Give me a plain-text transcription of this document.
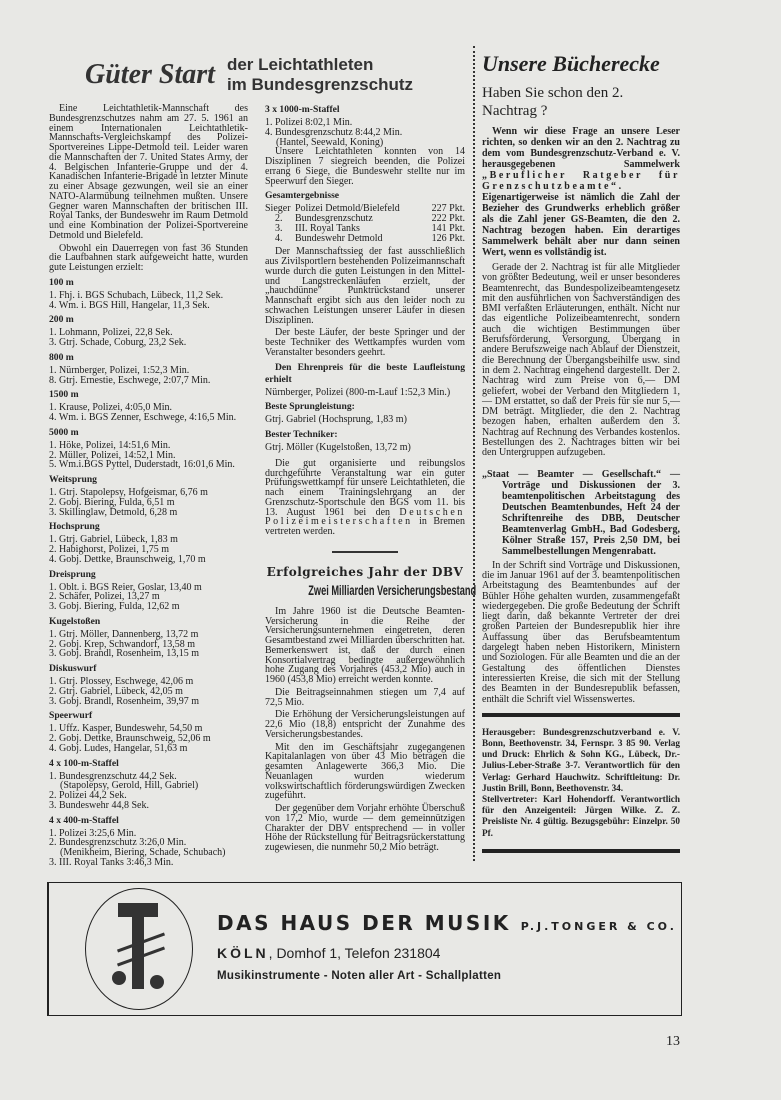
Güter Start der Leichtathleten
im Bundesgrenzschutz

Eine Leichtathletik-Mannschaft des Bundesgrenzschutzes nahm am 27. 5. 1961 an einem Internationalen Leichtathletik-Mannschafts-Vergleichskampf des Polizei-Sportvereines Lippe-Detmold teil. Leider waren die Mannschaften der 7. United States Army, der 4. Belgischen Infanterie-Gruppe und der 4. Kanadischen Infanterie-Brigade in letzter Minute zu einer Absage gezwungen, weil sie an einer NATO-Alarmübung teilnehmen mußten. Unsere Gegner waren Mannschaften der britischen III. Royal Tanks, der Bundeswehr im Raum Detmold und eine Kombination der Polizei-Sportvereine Detmold und Bielefeld.

Obwohl ein Dauerregen von fast 36 Stunden die Laufbahnen stark aufgeweicht hatte, wurden gute Leistungen erzielt:

100 m
1. Fhj. i. BGS Schubach, Lübeck, 11,2 Sek.
4. Wm. i. BGS Hill, Hangelar, 11,3 Sek.
200 m
1. Lohmann, Polizei, 22,8 Sek.
3. Gtrj. Schade, Coburg, 23,2 Sek.
800 m
1. Nürnberger, Polizei, 1:52,3 Min.
8. Gtrj. Ernestie, Eschwege, 2:07,7 Min.
1500 m
1. Krause, Polizei, 4:05,0 Min.
4. Wm. i. BGS Zenner, Eschwege, 4:16,5 Min.
5000 m
1. Höke, Polizei, 14:51,6 Min.
2. Müller, Polizei, 14:52,1 Min.
5. Wm.i.BGS Pyttel, Duderstadt, 16:01,6 Min.
Weitsprung
1. Gtrj. Stapolepsy, Hofgeismar, 6,76 m
2. Gobj. Biering, Fulda, 6,51 m
3. Skillinglaw, Detmold, 6,28 m
Hochsprung
1. Gtrj. Gabriel, Lübeck, 1,83 m
2. Habighorst, Polizei, 1,75 m
4. Gobj. Dettke, Braunschweig, 1,70 m
Dreisprung
1. Oblt. i. BGS Reier, Goslar, 13,40 m
2. Schäfer, Polizei, 13,27 m
3. Gobj. Biering, Fulda, 12,62 m
Kugelstoßen
1. Gtrj. Möller, Dannenberg, 13,72 m
2. Gobj. Krep, Schwandorf, 13,58 m
3. Gobj. Brandl, Rosenheim, 13,15 m
Diskuswurf
1. Gtrj. Plossey, Eschwege, 42,06 m
2. Gtrj. Gabriel, Lübeck, 42,05 m
3. Gobj. Brandl, Rosenheim, 39,97 m
Speerwurf
1. Uffz. Kasper, Bundeswehr, 54,50 m
2. Gobj. Dettke, Braunschweig, 52,06 m
4. Gobj. Ludes, Hangelar, 51,63 m
4 x 100-m-Staffel
1. Bundesgrenzschutz 44,2 Sek.
(Stapolepsy, Gerold, Hill, Gabriel)
2. Polizei 44,2 Sek.
3. Bundeswehr 44,8 Sek.
4 x 400-m-Staffel
1. Polizei 3:25,6 Min.
2. Bundesgrenzschutz 3:26,0 Min.
(Menikheim, Biering, Schade, Schubach)
3. III. Royal Tanks 3:46,3 Min.
3 x 1000-m-Staffel
1. Polizei 8:02,1 Min.
4. Bundesgrenzschutz 8:44,2 Min.
(Hantel, Seewald, Koning)

Unsere Leichtathleten konnten von 14 Disziplinen 7 siegreich beenden, die Polizei errang 6 Siege, die Bundeswehr stellte nur im Speerwurf den Sieger.

Gesamtergebnisse
Sieger Polizei Detmold/Bielefeld	227 Pkt.
2.	Bundesgrenzschutz	222 Pkt.
3.	III. Royal Tanks	141 Pkt.
4.	Bundeswehr Detmold	126 Pkt.

Der Mannschaftssieg der fast ausschließlich aus Zivilsportlern bestehenden Polizeimannschaft wurde durch die guten Leistungen in den Mittel- und Langstreckenläufen erzielt, der „hauchdünne" Punktrückstand unserer Mannschaft ergibt sich aus den leider noch zu schwachen Leistungen unserer Läufer in diesen Disziplinen.

Der beste Läufer, der beste Springer und der beste Techniker des Wettkampfes wurden vom Veranstalter besonders geehrt.

Den Ehrenpreis für die beste Laufleistung erhielt
Nürnberger, Polizei (800-m-Lauf 1:52,3 Min.)
Beste Sprungleistung:
Gtrj. Gabriel (Hochsprung, 1,83 m)
Bester Techniker:
Gtrj. Möller (Kugelstoßen, 13,72 m)

Die gut organisierte und reibungslos durchgeführte Veranstaltung war ein guter Prüfungswettkampf für unsere Leichtathleten, die nach einem Trainingslehrgang an der Grenzschutz-Sportschule den BGS vom 11. bis 13. August 1961 bei den Deutschen Polizeimeisterschaften in Bremen vertreten werden.

Erfolgreiches Jahr der DBV
Zwei Milliarden Versicherungsbestand

Im Jahre 1960 ist die Deutsche Beamten-Versicherung in die Reihe der Versicherungsunternehmen eingetreten, deren Gesamtbestand zwei Milliarden überschritten hat. Bemerkenswert ist, daß der durch einen Konsortialvertrag bedingte außergewöhnlich hohe Zugang des Vorjahres (453,2 Mio) auch in 1960 (453,8 Mio) erreicht werden konnte.

Die Beitragseinnahmen stiegen um 7,4 auf 72,5 Mio.

Die Erhöhung der Versicherungsleistungen auf 22,6 Mio (18,8) entspricht der Zunahme des Versicherungsbestandes.

Mit den im Geschäftsjahr zugegangenen Kapitalanlagen von über 43 Mio betragen die gesamten Anlagewerte 366,3 Mio. Die Neuanlagen wurden wiederum volkswirtschaftlich förderungswürdigen Zwecken zugeführt.

Der gegenüber dem Vorjahr erhöhte Überschuß von 17,2 Mio, wurde — dem gemeinnützigen Charakter der DBV entsprechend — in voller Höhe der Rückstellung für Beitragsrückerstattung zugewiesen, die nunmehr 50,2 Mio beträgt.

Unsere Bücherecke
Haben Sie schon den 2. Nachtrag ?

Wenn wir diese Frage an unsere Leser richten, so denken wir an den 2. Nachtrag zu dem vom Bundesgrenzschutz-Verband e. V. herausgegebenen Sammelwerk „Beruflicher Ratgeber für Grenzschutzbeamte“. Eigenartigerweise ist nämlich die Zahl der Bezieher des Grundwerks erheblich größer als die Zahl jener GS-Beamten, die den 2. Nachtrag bezogen haben. Ein derartiges Sammelwerk behält aber nur dann seinen Wert, wenn es vollständig ist.

Gerade der 2. Nachtrag ist für alle Mitglieder von größter Bedeutung, weil er unser besonderes Beamtenrecht, das Bundespolizeibeamtengesetz mit den ausführlichen von Sachverständigen des BMI verfaßten Erläuterungen, enthält. Nicht nur das eigentliche Polizeibeamtenrecht, sondern auch die wichtigen Bestimmungen über Berufsförderung, Versorgung, Übergang in andere Berufszweige nach Ablauf der Dienstzeit, die Berechnung der Übergangsbeihilfe usw. sind in dem 2. Nachtrag eingehend dargestellt. Der 2. Nachtrag wird zum Preise von 6,— DM geliefert, wobei der Verband den Mitgliedern 1,— DM erstattet, so daß der Preis für sie nur 5,— DM beträgt. Mitglieder, die den 2. Nachtrag bezogen haben, erhalten außerdem den 3. Nachtrag auf Rechnung des Verbandes kostenlos. Bestellungen des 2. Nachtrages bitten wir bei den Untergruppen aufzugeben.

„Staat — Beamter — Gesellschaft.“ — Vorträge und Diskussionen der 3. beamtenpolitischen Arbeitstagung des Deutschen Beamtenbundes, Heft 24 der Schriftenreihe des DBB, Deutscher Beamtenverlag GmbH., Bad Godesberg, Kölner Straße 157, Preis 2,50 DM, bei Sammelbestellungen Mengenrabatt.

In der Schrift sind Vorträge und Diskussionen, die im Januar 1961 auf der 3. beamtenpolitischen Arbeitstagung des Beamtenbundes auf der Bühler Höhe gehalten wurden, zusammengefaßt wiedergegeben. Die große Bedeutung der Schrift liegt darin, daß bekannte Vertreter der drei großen Parteien der Bundesrepublik hier ihre Auffassung über das Berufsbeamtentum dargelegt haben neben Historikern, Ministern und Soziologen. Für alle Beamten und die an der Gestaltung des öffentlichen Dienstes interessierten Kreise, die sich mit der Stellung des Beamten in der Bundesrepublik befassen, enthält die Schrift viel Wissenswertes.

Herausgeber: Bundesgrenzschutzverband e. V. Bonn, Beethovenstr. 34, Fernspr. 3 85 90. Verlag und Druck: Ehrlich & Sohn KG., Lübeck, Dr.-Julius-Leber-Straße 3-7. Verantwortlich für den Verlag: Gerhard Hauchwitz. Schriftleitung: Dr. Justin Brill, Bonn, Beethovenstr. 34.

Stellvertreter: Karl Hohendorff. Verantwortlich für den Anzeigenteil: Jürgen Wilke. Z. Z. Preisliste Nr. 4 gültig. Bezugsgebühr: Einzelpr. 50 Pf.

DAS HAUS DER MUSIK P.J.TONGER & CO.
KÖLN, Domhof 1, Telefon 231804
Musikinstrumente - Noten aller Art - Schallplatten
13
